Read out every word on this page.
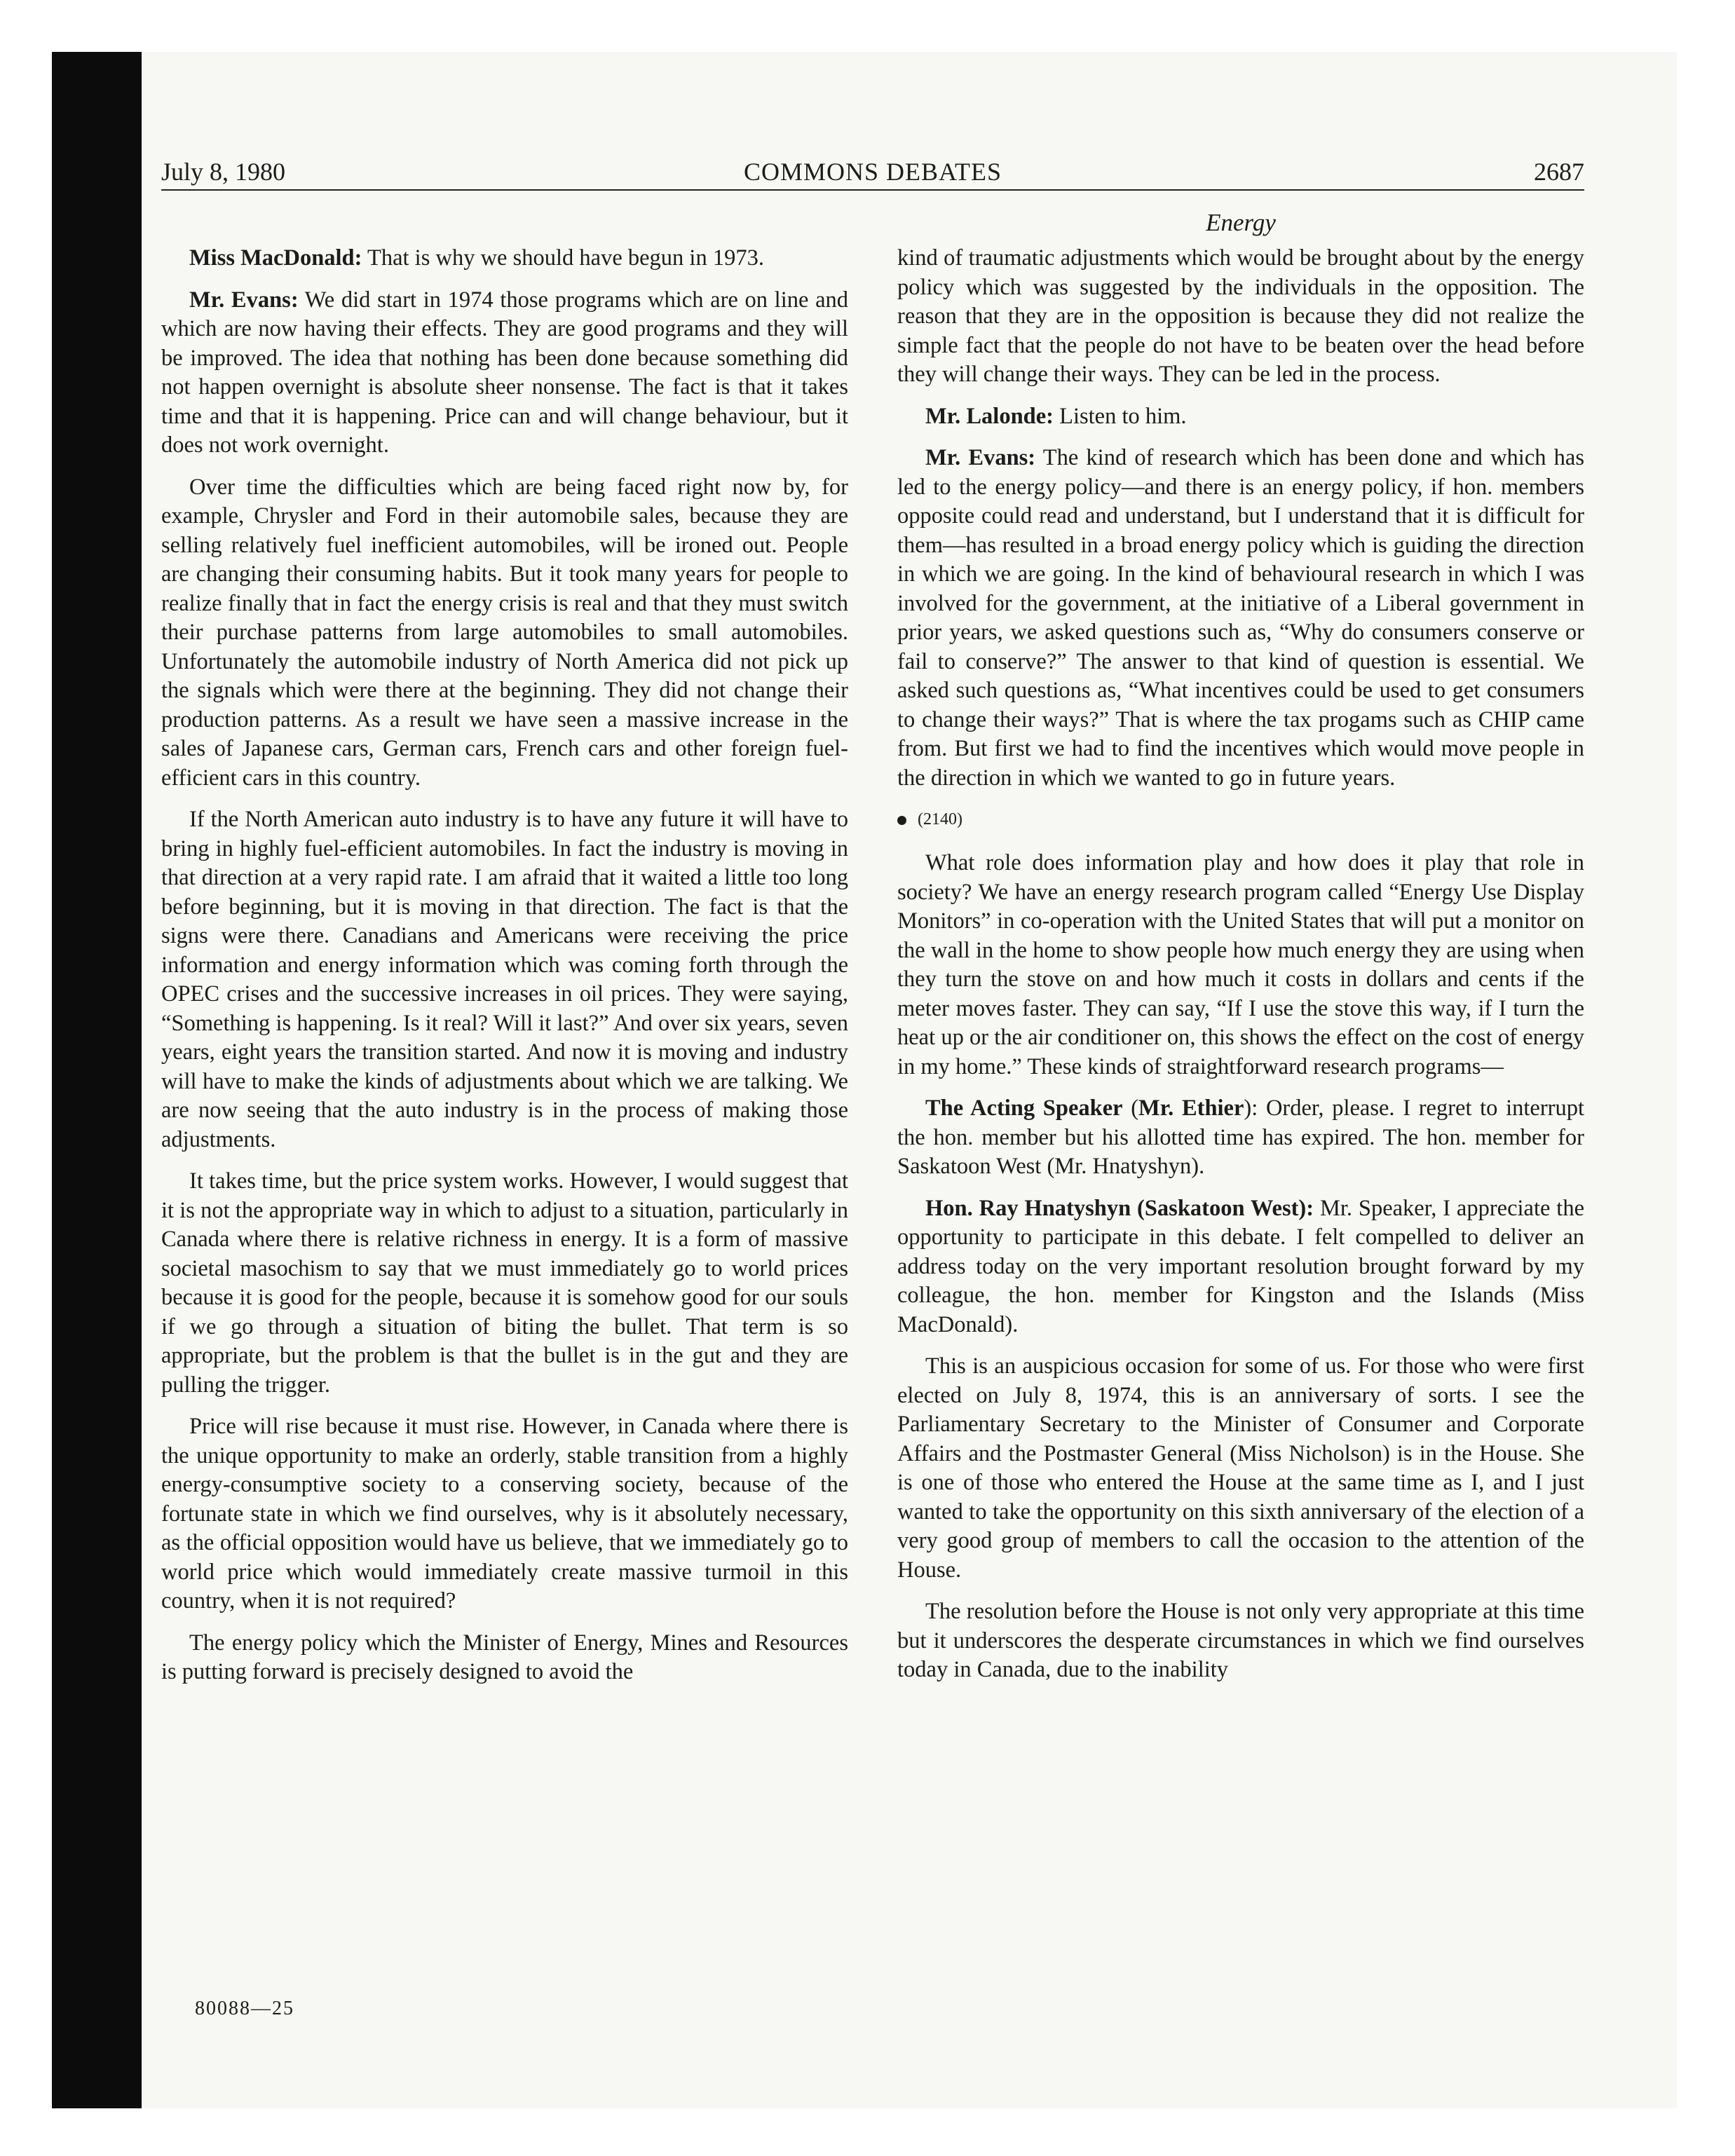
July 8, 1980	COMMONS DEBATES	2687
Energy

Miss MacDonald: That is why we should have begun in 1973.

Mr. Evans: We did start in 1974 those programs which are on line and which are now having their effects. They are good programs and they will be improved. The idea that nothing has been done because something did not happen overnight is absolute sheer nonsense. The fact is that it takes time and that it is happening. Price can and will change behaviour, but it does not work overnight.

Over time the difficulties which are being faced right now by, for example, Chrysler and Ford in their automobile sales, because they are selling relatively fuel inefficient automobiles, will be ironed out. People are changing their consuming habits. But it took many years for people to realize finally that in fact the energy crisis is real and that they must switch their purchase patterns from large automobiles to small automobiles. Unfortunately the automobile industry of North America did not pick up the signals which were there at the beginning. They did not change their production patterns. As a result we have seen a massive increase in the sales of Japanese cars, German cars, French cars and other foreign fuel-efficient cars in this country.

If the North American auto industry is to have any future it will have to bring in highly fuel-efficient automobiles. In fact the industry is moving in that direction at a very rapid rate. I am afraid that it waited a little too long before beginning, but it is moving in that direction. The fact is that the signs were there. Canadians and Americans were receiving the price information and energy information which was coming forth through the OPEC crises and the successive increases in oil prices. They were saying, “Something is happening. Is it real? Will it last?” And over six years, seven years, eight years the transition started. And now it is moving and industry will have to make the kinds of adjustments about which we are talking. We are now seeing that the auto industry is in the process of making those adjustments.

It takes time, but the price system works. However, I would suggest that it is not the appropriate way in which to adjust to a situation, particularly in Canada where there is relative richness in energy. It is a form of massive societal masochism to say that we must immediately go to world prices because it is good for the people, because it is somehow good for our souls if we go through a situation of biting the bullet. That term is so appropriate, but the problem is that the bullet is in the gut and they are pulling the trigger.

Price will rise because it must rise. However, in Canada where there is the unique opportunity to make an orderly, stable transition from a highly energy-consumptive society to a conserving society, because of the fortunate state in which we find ourselves, why is it absolutely necessary, as the official opposition would have us believe, that we immediately go to world price which would immediately create massive turmoil in this country, when it is not required?

The energy policy which the Minister of Energy, Mines and Resources is putting forward is precisely designed to avoid the

kind of traumatic adjustments which would be brought about by the energy policy which was suggested by the individuals in the opposition. The reason that they are in the opposition is because they did not realize the simple fact that the people do not have to be beaten over the head before they will change their ways. They can be led in the process.

Mr. Lalonde: Listen to him.

Mr. Evans: The kind of research which has been done and which has led to the energy policy—and there is an energy policy, if hon. members opposite could read and understand, but I understand that it is difficult for them—has resulted in a broad energy policy which is guiding the direction in which we are going. In the kind of behavioural research in which I was involved for the government, at the initiative of a Liberal government in prior years, we asked questions such as, “Why do consumers conserve or fail to conserve?” The answer to that kind of question is essential. We asked such questions as, “What incentives could be used to get consumers to change their ways?” That is where the tax progams such as CHIP came from. But first we had to find the incentives which would move people in the direction in which we wanted to go in future years.

(2140)

What role does information play and how does it play that role in society? We have an energy research program called “Energy Use Display Monitors” in co-operation with the United States that will put a monitor on the wall in the home to show people how much energy they are using when they turn the stove on and how much it costs in dollars and cents if the meter moves faster. They can say, “If I use the stove this way, if I turn the heat up or the air conditioner on, this shows the effect on the cost of energy in my home.” These kinds of straightforward research programs—

The Acting Speaker (Mr. Ethier): Order, please. I regret to interrupt the hon. member but his allotted time has expired. The hon. member for Saskatoon West (Mr. Hnatyshyn).

Hon. Ray Hnatyshyn (Saskatoon West): Mr. Speaker, I appreciate the opportunity to participate in this debate. I felt compelled to deliver an address today on the very important resolution brought forward by my colleague, the hon. member for Kingston and the Islands (Miss MacDonald).

This is an auspicious occasion for some of us. For those who were first elected on July 8, 1974, this is an anniversary of sorts. I see the Parliamentary Secretary to the Minister of Consumer and Corporate Affairs and the Postmaster General (Miss Nicholson) is in the House. She is one of those who entered the House at the same time as I, and I just wanted to take the opportunity on this sixth anniversary of the election of a very good group of members to call the occasion to the attention of the House.

The resolution before the House is not only very appropriate at this time but it underscores the desperate circumstances in which we find ourselves today in Canada, due to the inability

80088—25
